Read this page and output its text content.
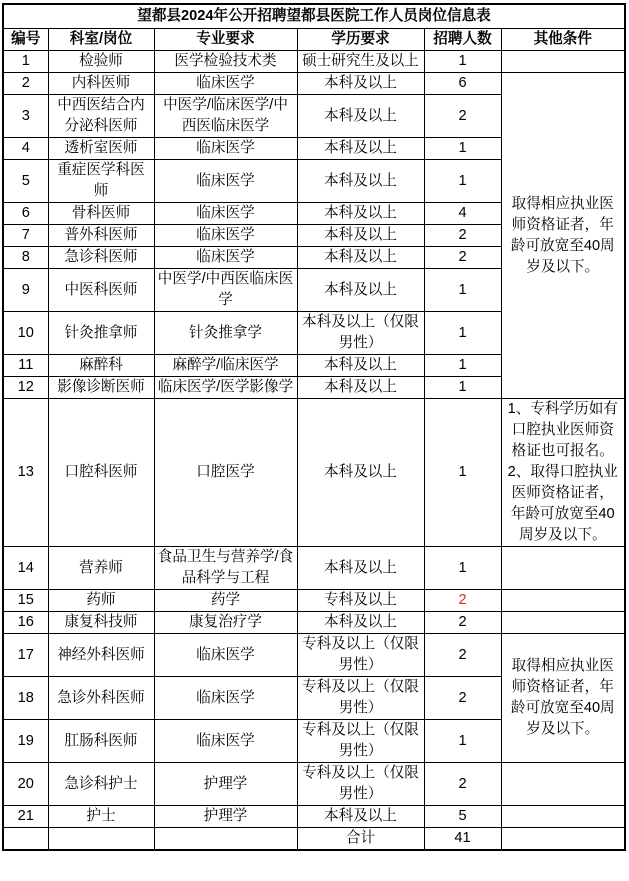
望都县2024年公开招聘望都县医院工作人员岗位信息表					
编号	科室/岗位	专业要求	学历要求	招聘人数	其他条件
1	检验师	医学检验技术类	硕士研究生及以上	1	
2	内科医师	临床医学	本科及以上	6	取得相应执业医师资格证者，年龄可放宽至40周岁及以下。
3	中西医结合内分泌科医师	中医学/临床医学/中西医临床医学	本科及以上	2	
4	透析室医师	临床医学	本科及以上	1	
5	重症医学科医师	临床医学	本科及以上	1	
6	骨科医师	临床医学	本科及以上	4	
7	普外科医师	临床医学	本科及以上	2	
8	急诊科医师	临床医学	本科及以上	2	
9	中医科医师	中医学/中西医临床医学	本科及以上	1	
10	针灸推拿师	针灸推拿学	本科及以上（仅限男性）	1	
11	麻醉科	麻醉学/临床医学	本科及以上	1	
12	影像诊断医师	临床医学/医学影像学	本科及以上	1	
13	口腔科医师	口腔医学	本科及以上	1	1、专科学历如有口腔执业医师资格证也可报名。2、取得口腔执业医师资格证者，年龄可放宽至40周岁及以下。
14	营养师	食品卫生与营养学/食品科学与工程	本科及以上	1	
15	药师	药学	专科及以上	2	
16	康复科技师	康复治疗学	本科及以上	2	
17	神经外科医师	临床医学	专科及以上（仅限男性）	2	取得相应执业医师资格证者，年龄可放宽至40周岁及以下。
18	急诊外科医师	临床医学	专科及以上（仅限男性）	2	
19	肛肠科医师	临床医学	专科及以上（仅限男性）	1	
20	急诊科护士	护理学	专科及以上（仅限男性）	2	
21	护士	护理学	本科及以上	5	
			合计	41	
